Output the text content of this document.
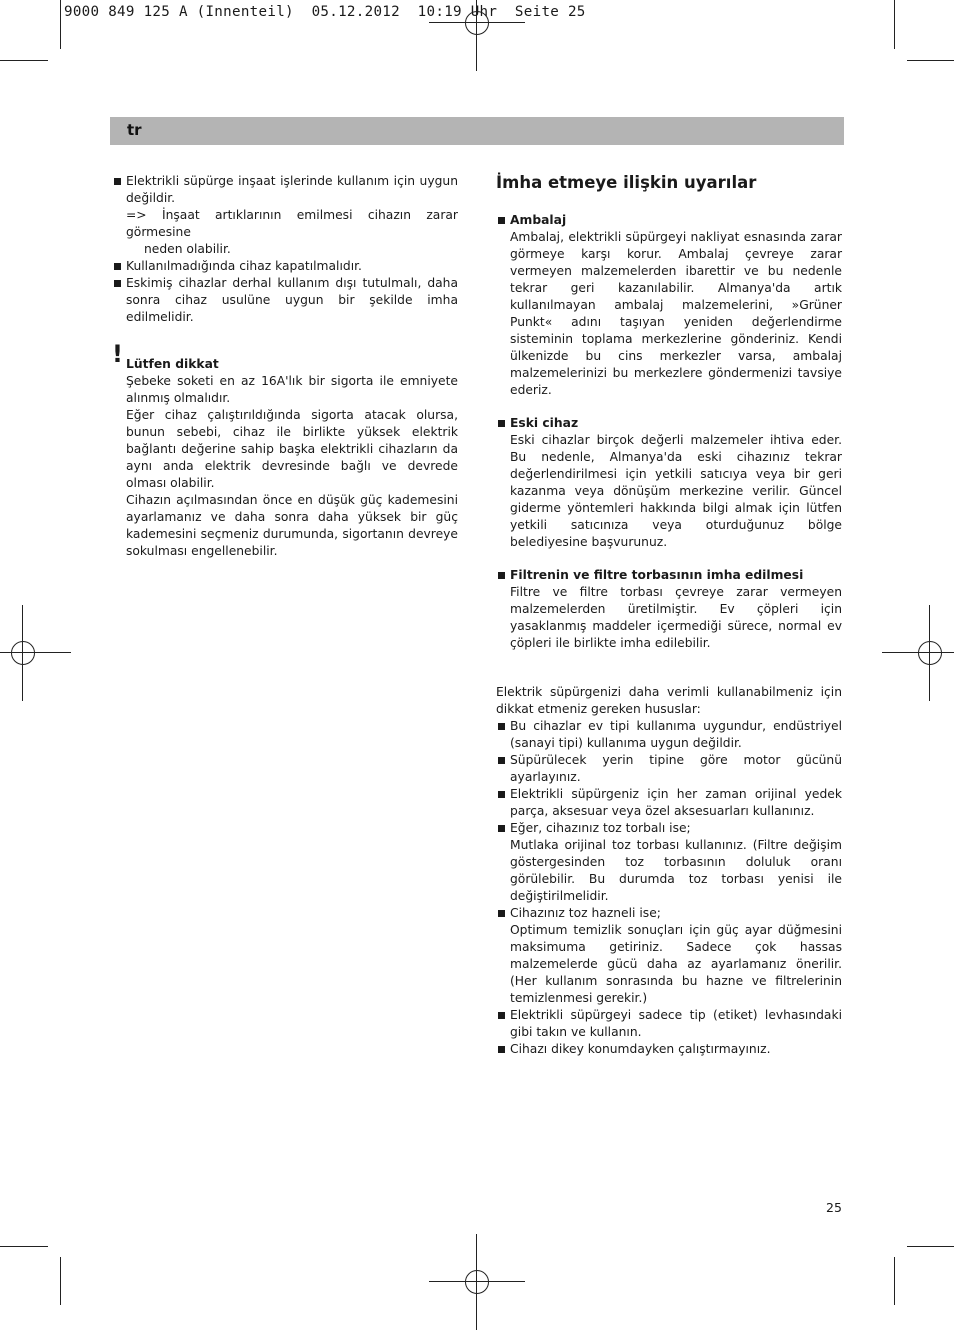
9000 849 125 A (Innenteil)  05.12.2012  10:19 Uhr  Seite 25
tr
Elektrikli süpürge inşaat işlerinde kullanım için uygun değildir.
=> İnşaat artıklarının emilmesi cihazın zarar görmesine
neden olabilir.
Kullanılmadığında cihaz kapatılmalıdır.
Eskimiş cihazlar derhal kullanım dışı tutulmalı, daha sonra cihaz usulüne uygun bir şekilde imha edilmelidir.
! Lütfen dikkat
Şebeke soketi en az 16A'lık bir sigorta ile emniyete alınmış olmalıdır.
Eğer cihaz çalıştırıldığında sigorta atacak olursa, bunun sebebi, cihaz ile birlikte yüksek elektrik bağlantı değerine sahip başka elektrikli cihazların da aynı anda elektrik devresinde bağlı ve devrede olması olabilir.
Cihazın açılmasından önce en düşük güç kademesini ayarlamanız ve daha sonra daha yüksek bir güç kademesini seçmeniz durumunda, sigortanın devreye sokulması engellenebilir.
İmha etmeye ilişkin uyarılar
Ambalaj
Ambalaj, elektrikli süpürgeyi nakliyat esnasında zarar görmeye karşı korur. Ambalaj çevreye zarar vermeyen malzemelerden ibarettir ve bu nedenle tekrar geri kazanılabilir. Almanya'da artık kullanılmayan ambalaj malzemelerini, »Grüner Punkt« adını taşıyan yeniden değerlendirme sisteminin toplama merkezlerine gönderiniz. Kendi ülkenizde bu cins merkezler varsa, ambalaj malzemelerinizi bu merkezlere göndermenizi tavsiye ederiz.
Eski cihaz
Eski cihazlar birçok değerli malzemeler ihtiva eder. Bu nedenle, Almanya'da eski cihazınız tekrar değerlendirilmesi için yetkili satıcıya veya bir geri kazanma veya dönüşüm merkezine verilir. Güncel giderme yöntemleri hakkında bilgi almak için lütfen yetkili satıcınıza veya oturduğunuz bölge belediyesine başvurunuz.
Filtrenin ve filtre torbasının imha edilmesi
Filtre ve filtre torbası çevreye zarar vermeyen malzemelerden üretilmiştir. Ev çöpleri için yasaklanmış maddeler içermediği sürece, normal ev çöpleri ile birlikte imha edilebilir.
Elektrik süpürgenizi daha verimli kullanabilmeniz için dikkat etmeniz gereken hususlar:
Bu cihazlar ev tipi kullanıma uygundur, endüstriyel (sanayi tipi) kullanıma uygun değildir.
Süpürülecek yerin tipine göre motor gücünü ayarlayınız.
Elektrikli süpürgeniz için her zaman orijinal yedek parça, aksesuar veya özel aksesuarları kullanınız.
Eğer, cihazınız toz torbalı ise;
Mutlaka orijinal toz torbası kullanınız. (Filtre değişim göstergesinden toz torbasının doluluk oranı görülebilir. Bu durumda toz torbası yenisi ile değiştirilmelidir.
Cihazınız toz hazneli ise;
Optimum temizlik sonuçları için güç ayar düğmesini maksimuma getiriniz. Sadece çok hassas malzemelerde gücü daha az ayarlamanız önerilir. (Her kullanım sonrasında bu hazne ve filtrelerinin temizlenmesi gerekir.)
Elektrikli süpürgeyi sadece tip (etiket) levhasındaki gibi takın ve kullanın.
Cihazı dikey konumdayken çalıştırmayınız.
25
